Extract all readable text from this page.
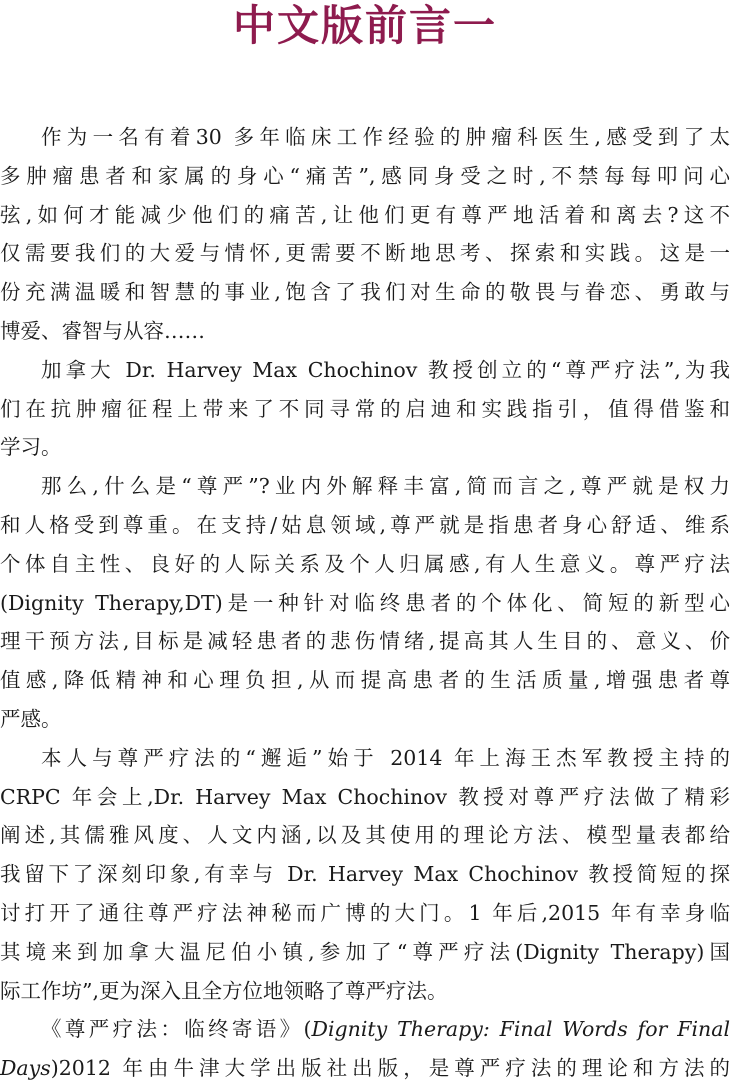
中文版前言一
作为一名有着30 多年临床工作经验的肿瘤科医生,感受到了太
多肿瘤患者和家属的身心“痛苦”,感同身受之时,不禁每每叩问心
弦,如何才能减少他们的痛苦,让他们更有尊严地活着和离去?这不
仅需要我们的大爱与情怀,更需要不断地思考、探索和实践。这是一
份充满温暖和智慧的事业,饱含了我们对生命的敬畏与眷恋、勇敢与
博爱、睿智与从容……
加拿大 Dr. Harvey Max Chochinov 教授创立的“尊严疗法”,为我
们在抗肿瘤征程上带来了不同寻常的启迪和实践指引，值得借鉴和
学习。
那么,什么是“尊严”?业内外解释丰富,简而言之,尊严就是权力
和人格受到尊重。在支持/姑息领域,尊严就是指患者身心舒适、维系
个体自主性、良好的人际关系及个人归属感,有人生意义。尊严疗法
(Dignity Therapy,DT)是一种针对临终患者的个体化、简短的新型心
理干预方法,目标是减轻患者的悲伤情绪,提高其人生目的、意义、价
值感,降低精神和心理负担,从而提高患者的生活质量,增强患者尊
严感。
本人与尊严疗法的“邂逅”始于 2014 年上海王杰军教授主持的
CRPC 年会上,Dr. Harvey Max Chochinov 教授对尊严疗法做了精彩
阐述,其儒雅风度、人文内涵,以及其使用的理论方法、模型量表都给
我留下了深刻印象,有幸与 Dr. Harvey Max Chochinov 教授简短的探
讨打开了通往尊严疗法神秘而广博的大门。1 年后,2015 年有幸身临
其境来到加拿大温尼伯小镇,参加了“尊严疗法(Dignity Therapy)国
际工作坊”,更为深入且全方位地领略了尊严疗法。
《尊严疗法：临终寄语》(Dignity Therapy: Final Words for Final
Days)2012 年由牛津大学出版社出版，是尊严疗法的理论和方法的
